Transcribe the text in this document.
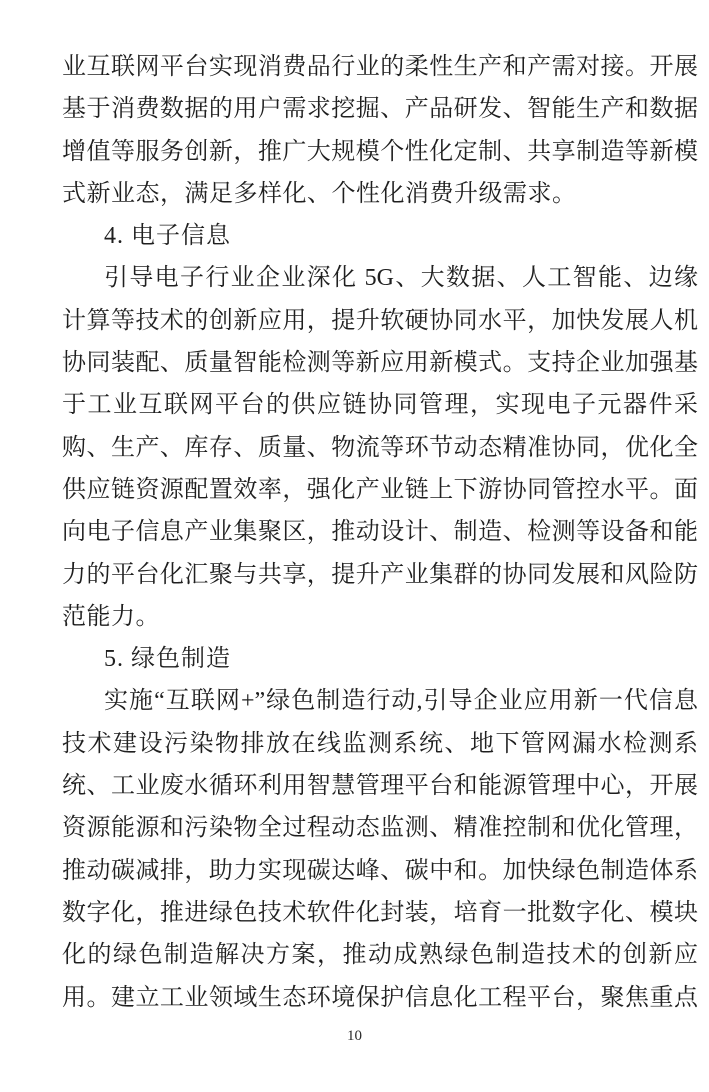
业互联网平台实现消费品行业的柔性生产和产需对接。开展
基于消费数据的用户需求挖掘、产品研发、智能生产和数据
增值等服务创新，推广大规模个性化定制、共享制造等新模
式新业态，满足多样化、个性化消费升级需求。
4. 电子信息
引导电子行业企业深化 5G、大数据、人工智能、边缘
计算等技术的创新应用，提升软硬协同水平，加快发展人机
协同装配、质量智能检测等新应用新模式。支持企业加强基
于工业互联网平台的供应链协同管理，实现电子元器件采
购、生产、库存、质量、物流等环节动态精准协同，优化全
供应链资源配置效率，强化产业链上下游协同管控水平。面
向电子信息产业集聚区，推动设计、制造、检测等设备和能
力的平台化汇聚与共享，提升产业集群的协同发展和风险防
范能力。
5. 绿色制造
实施“互联网+”绿色制造行动,引导企业应用新一代信息
技术建设污染物排放在线监测系统、地下管网漏水检测系
统、工业废水循环利用智慧管理平台和能源管理中心，开展
资源能源和污染物全过程动态监测、精准控制和优化管理，
推动碳减排，助力实现碳达峰、碳中和。加快绿色制造体系
数字化，推进绿色技术软件化封装，培育一批数字化、模块
化的绿色制造解决方案，推动成熟绿色制造技术的创新应
用。建立工业领域生态环境保护信息化工程平台，聚焦重点
10
